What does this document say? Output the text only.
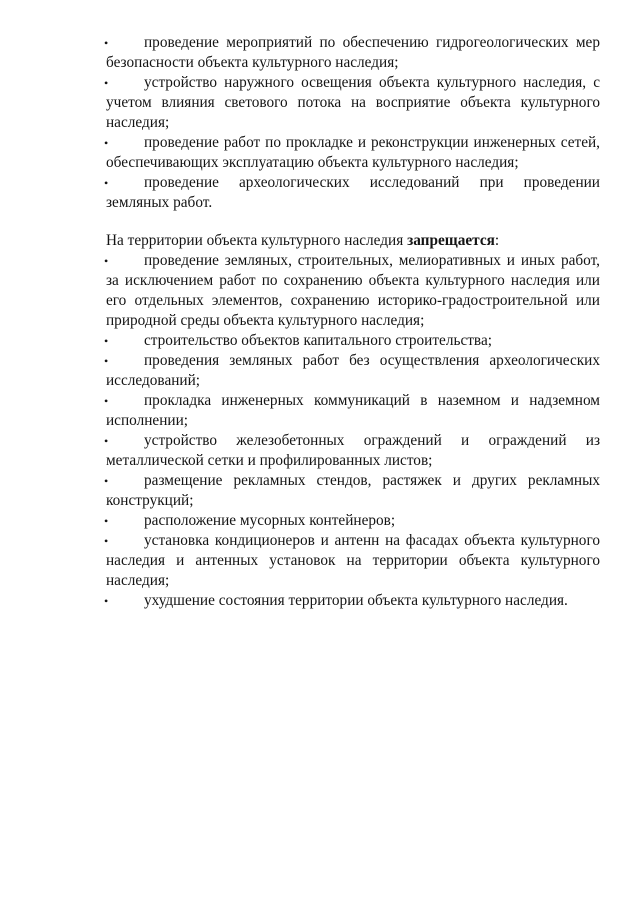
• проведение мероприятий по обеспечению гидрогеологических мер безопасности объекта культурного наследия;

• устройство наружного освещения объекта культурного наследия, с учетом влияния светового потока на восприятие объекта культурного наследия;

• проведение работ по прокладке и реконструкции инженерных сетей, обеспечивающих эксплуатацию объекта культурного наследия;

• проведение археологических исследований при проведении земляных работ.

На территории объекта культурного наследия запрещается:

• проведение земляных, строительных, мелиоративных и иных работ, за исключением работ по сохранению объекта культурного наследия или его отдельных элементов, сохранению историко-градостроительной или природной среды объекта культурного наследия;

• строительство объектов капитального строительства;

• проведения земляных работ без осуществления археологических исследований;

• прокладка инженерных коммуникаций в наземном и надземном исполнении;

• устройство железобетонных ограждений и ограждений из металлической сетки и профилированных листов;

• размещение рекламных стендов, растяжек и других рекламных конструкций;

• расположение мусорных контейнеров;

• установка кондиционеров и антенн на фасадах объекта культурного наследия и антенных установок на территории объекта культурного наследия;

• ухудшение состояния территории объекта культурного наследия.
